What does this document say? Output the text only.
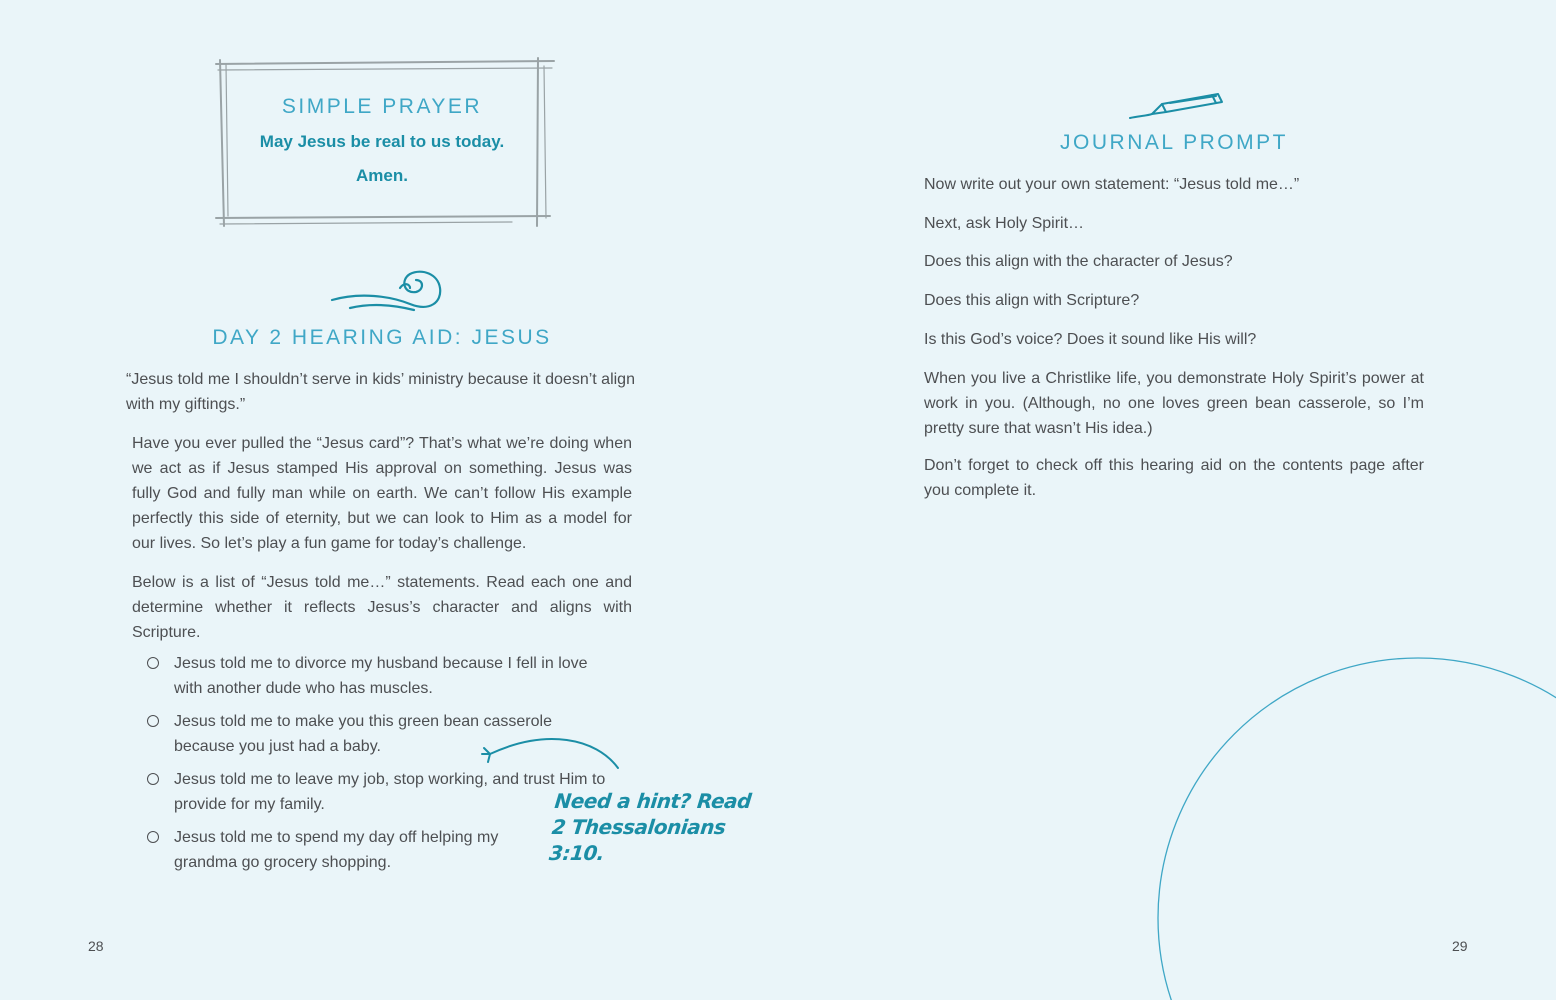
SIMPLE PRAYER

May Jesus be real to us today.

Amen.

DAY 2 HEARING AID: JESUS

“Jesus told me I shouldn’t serve in kids’ ministry because it doesn’t align with my giftings.”

Have you ever pulled the “Jesus card”? That’s what we’re doing when we act as if Jesus stamped His approval on something. Jesus was fully God and fully man while on earth. We can’t follow His example perfectly this side of eternity, but we can look to Him as a model for our lives. So let’s play a fun game for today’s challenge.

Below is a list of “Jesus told me…” statements. Read each one and determine whether it reflects Jesus’s character and aligns with Scripture.

Jesus told me to divorce my husband because I fell in love with another dude who has muscles.
Jesus told me to make you this green bean casserole because you just had a baby.
Jesus told me to leave my job, stop working, and trust Him to provide for my family.
Jesus told me to spend my day off helping my grandma go grocery shopping.
Need a hint? Read
2 Thessalonians 3:10.
28
JOURNAL PROMPT

Now write out your own statement: “Jesus told me…”

Next, ask Holy Spirit…

Does this align with the character of Jesus?

Does this align with Scripture?

Is this God’s voice? Does it sound like His will?

When you live a Christlike life, you demonstrate Holy Spirit’s power at work in you. (Although, no one loves green bean casserole, so I’m pretty sure that wasn’t His idea.)

Don’t forget to check off this hearing aid on the contents page after you complete it.

29
